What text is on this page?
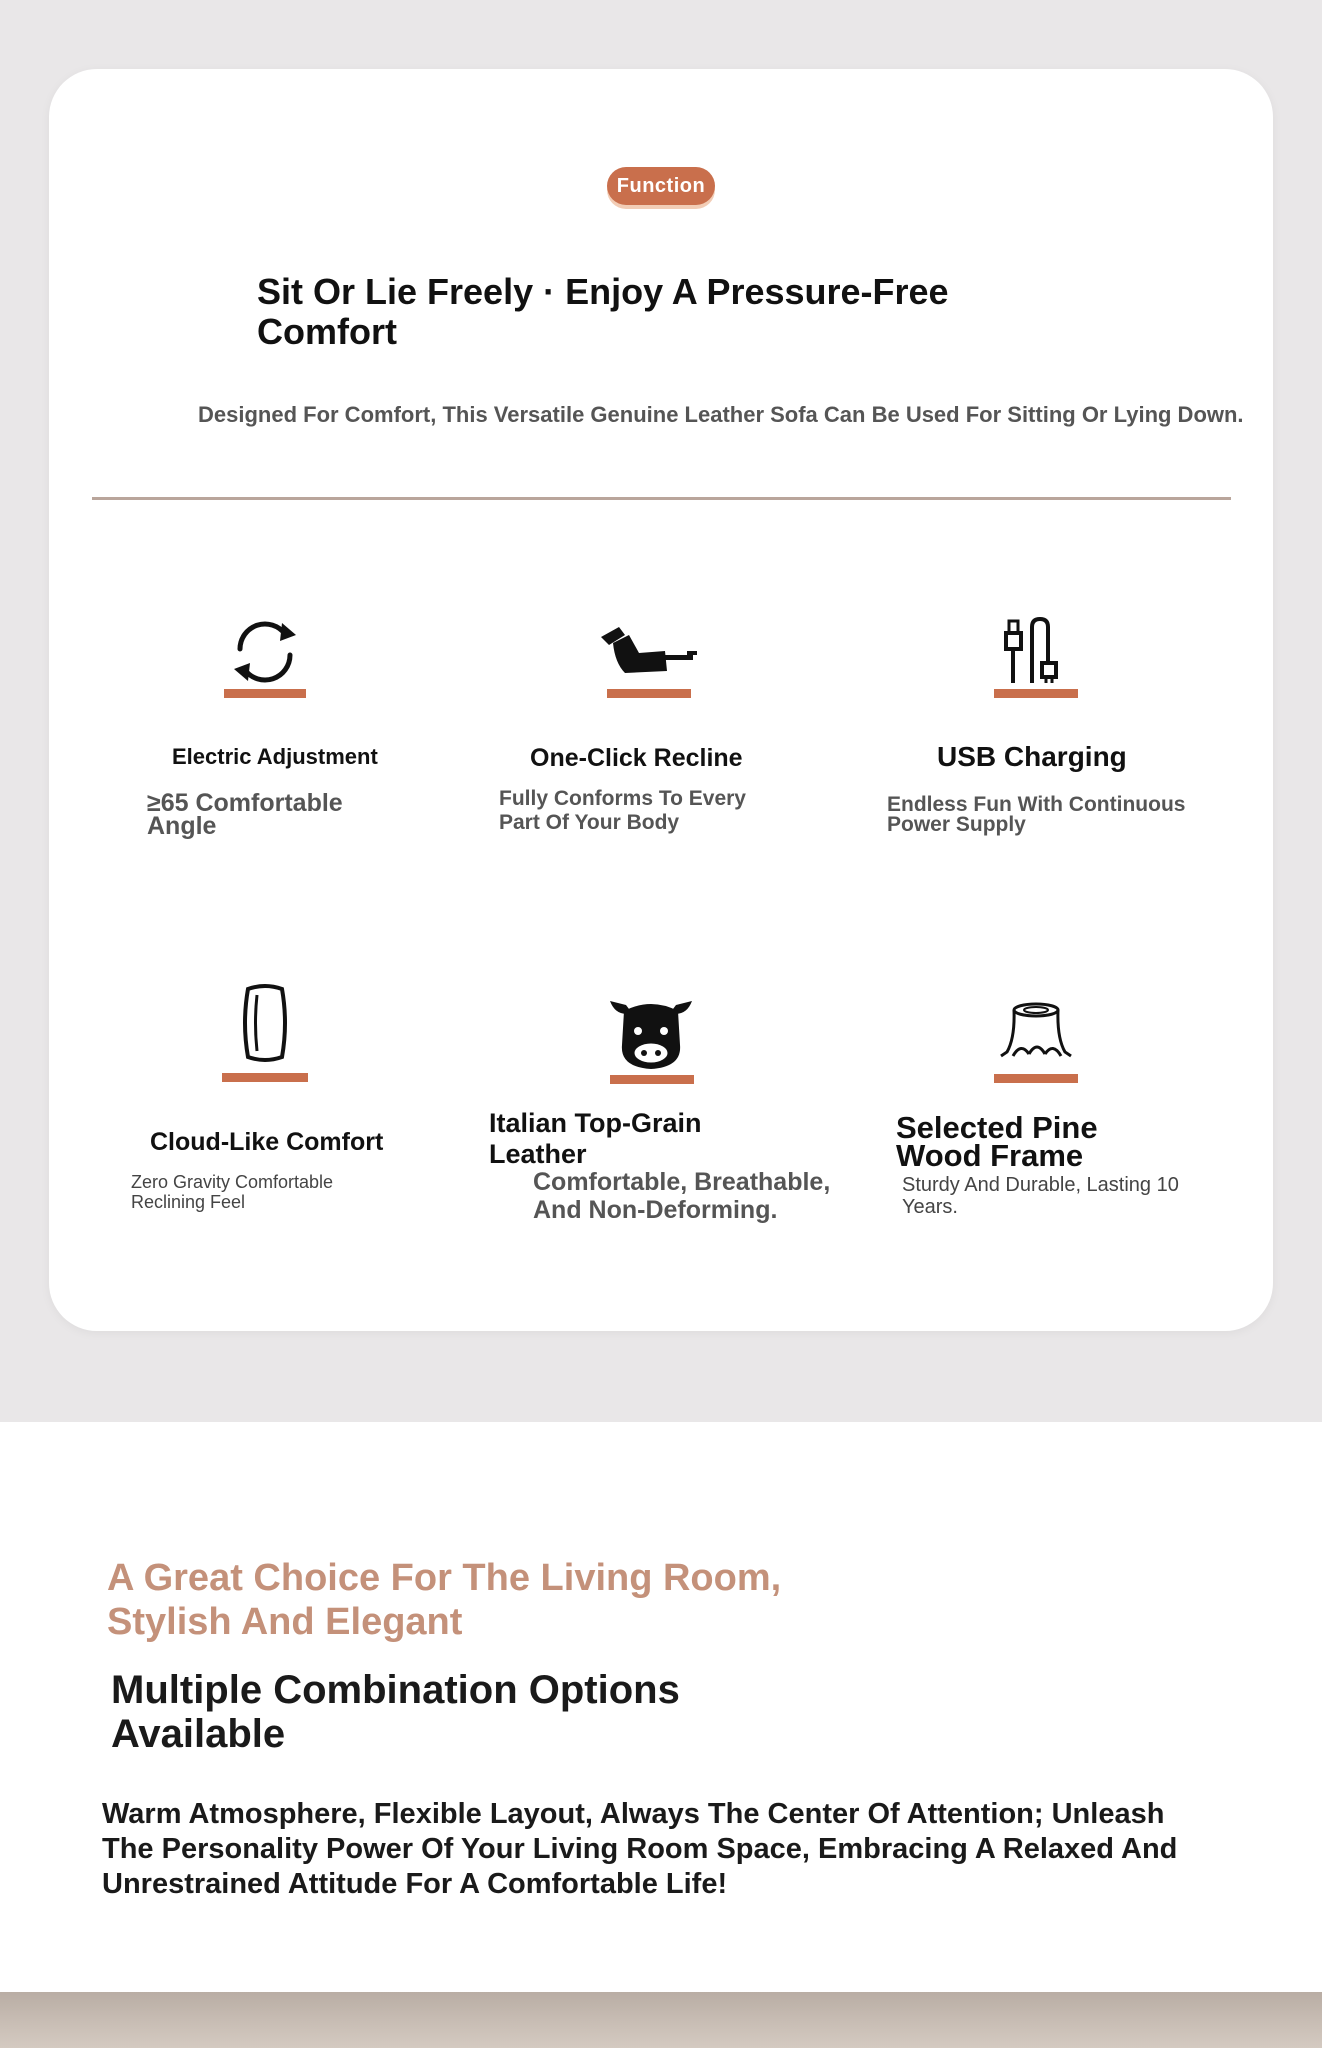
Function
Sit Or Lie Freely · Enjoy A Pressure-Free Comfort
Designed For Comfort, This Versatile Genuine Leather Sofa Can Be Used For Sitting Or Lying Down.
Electric Adjustment
≥65 Comfortable Angle
One-Click Recline
Fully Conforms To Every Part Of Your Body
USB Charging
Endless Fun With Continuous Power Supply
Cloud-Like Comfort
Zero Gravity Comfortable Reclining Feel
Italian Top-Grain Leather
Comfortable, Breathable, And Non-Deforming.
Selected Pine Wood Frame
Sturdy And Durable, Lasting 10 Years.
A Great Choice For The Living Room, Stylish And Elegant
Multiple Combination Options Available
Warm Atmosphere, Flexible Layout, Always The Center Of Attention; Unleash The Personality Power Of Your Living Room Space, Embracing A Relaxed And Unrestrained Attitude For A Comfortable Life!
